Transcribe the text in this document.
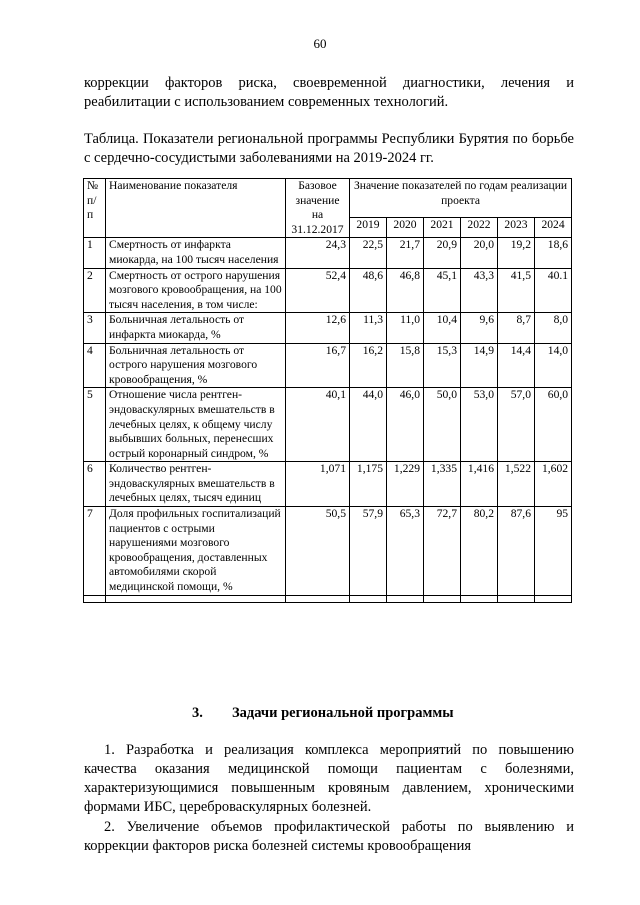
60

коррекции факторов риска, своевременной диагностики, лечения и реабилитации с использованием современных технологий.

Таблица. Показатели региональной программы Республики Бурятия по борьбе с сердечно-сосудистыми заболеваниями на 2019-2024 гг.

№ п/п	Наименование показателя	Базовое значение на 31.12.2017	Значение показателей по годам реализации проекта					
			2019	2020	2021	2022	2023	2024
1	Смертность от инфаркта миокарда, на 100 тысяч населения	24,3	22,5	21,7	20,9	20,0	19,2	18,6
2	Смертность от острого нарушения мозгового кровообращения, на 100 тысяч населения, в том числе:	52,4	48,6	46,8	45,1	43,3	41,5	40.1
3	Больничная летальность от инфаркта миокарда, %	12,6	11,3	11,0	10,4	9,6	8,7	8,0
4	Больничная летальность от острого нарушения мозгового кровообращения, %	16,7	16,2	15,8	15,3	14,9	14,4	14,0
5	Отношение числа рентген-эндоваскулярных вмешательств в лечебных целях, к общему числу выбывших больных, перенесших острый коронарный синдром, %	40,1	44,0	46,0	50,0	53,0	57,0	60,0
6	Количество рентген-эндоваскулярных вмешательств в лечебных целях, тысяч единиц	1,071	1,175	1,229	1,335	1,416	1,522	1,602
7	Доля профильных госпитализаций пациентов с острыми нарушениями мозгового кровообращения, доставленных автомобилями скорой медицинской помощи, %	50,5	57,9	65,3	72,7	80,2	87,6	95

3. Задачи региональной программы

1. Разработка и реализация комплекса мероприятий по повышению качества оказания медицинской помощи пациентам с болезнями, характеризующимися повышенным кровяным давлением, хроническими формами ИБС, цереброваскулярных болезней.

2. Увеличение объемов профилактической работы по выявлению и коррекции факторов риска болезней системы кровообращения
